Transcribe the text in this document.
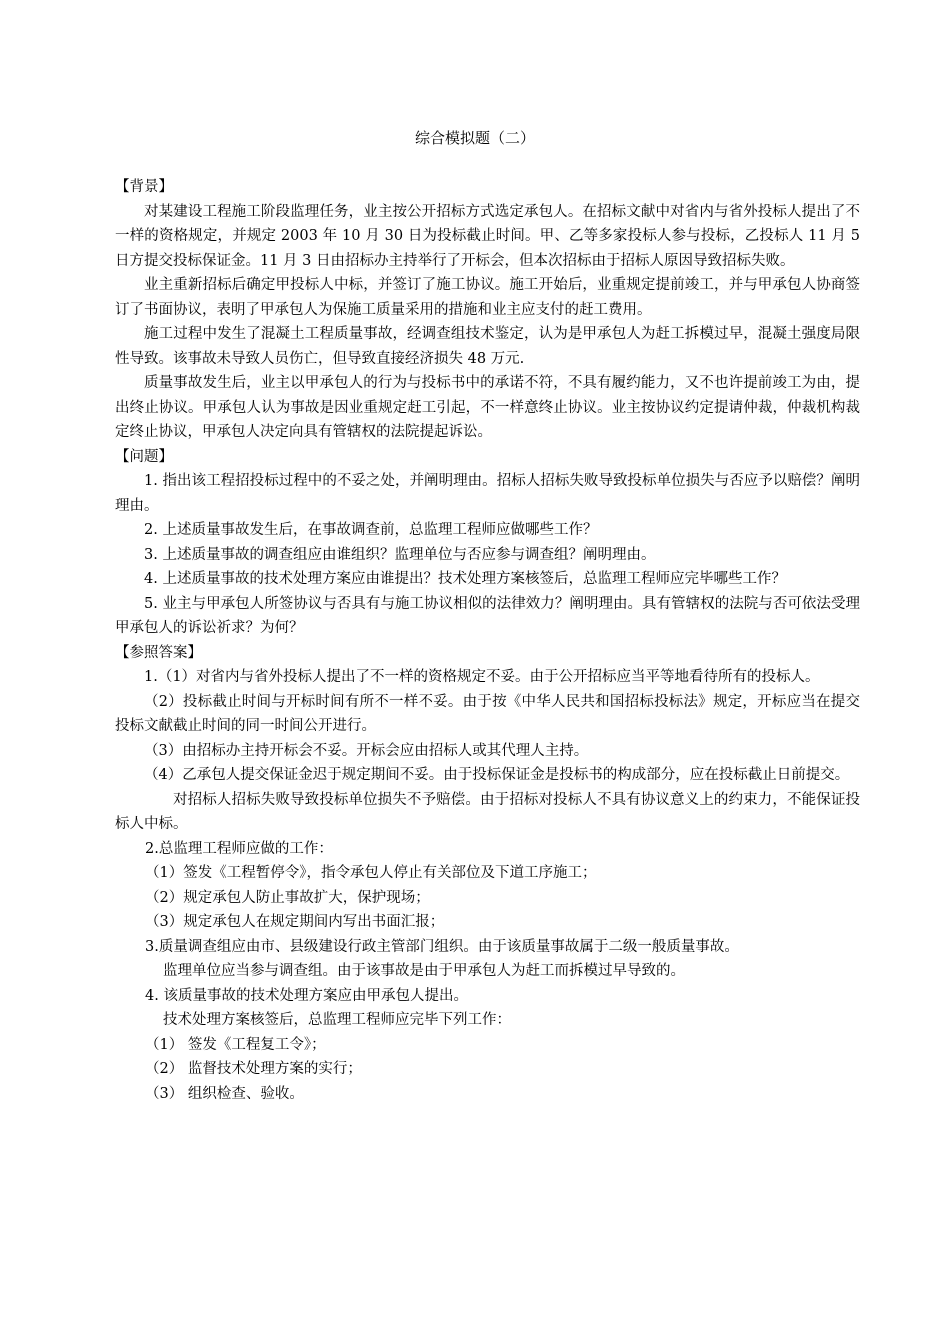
综合模拟题（二）

【背景】

对某建设工程施工阶段监理任务，业主按公开招标方式选定承包人。在招标文献中对省内与省外投标人提出了不一样的资格规定，并规定 2003 年 10 月 30 日为投标截止时间。甲、乙等多家投标人参与投标，乙投标人 11 月 5 日方提交投标保证金。11 月 3 日由招标办主持举行了开标会，但本次招标由于招标人原因导致招标失败。

业主重新招标后确定甲投标人中标，并签订了施工协议。施工开始后，业重规定提前竣工，并与甲承包人协商签订了书面协议，表明了甲承包人为保施工质量采用的措施和业主应支付的赶工费用。

施工过程中发生了混凝土工程质量事故，经调查组技术鉴定，认为是甲承包人为赶工拆模过早，混凝土强度局限性导致。该事故未导致人员伤亡，但导致直接经济损失 48 万元.

质量事故发生后，业主以甲承包人的行为与投标书中的承诺不符，不具有履约能力，又不也许提前竣工为由，提出终止协议。甲承包人认为事故是因业重规定赶工引起，不一样意终止协议。业主按协议约定提请仲裁，仲裁机构裁定终止协议，甲承包人决定向具有管辖权的法院提起诉讼。

【问题】

1. 指出该工程招投标过程中的不妥之处，并阐明理由。招标人招标失败导致投标单位损失与否应予以赔偿？阐明理由。

2. 上述质量事故发生后，在事故调查前，总监理工程师应做哪些工作？

3. 上述质量事故的调查组应由谁组织？监理单位与否应参与调查组？阐明理由。

4. 上述质量事故的技术处理方案应由谁提出？技术处理方案核签后，总监理工程师应完毕哪些工作？

5. 业主与甲承包人所签协议与否具有与施工协议相似的法律效力？阐明理由。具有管辖权的法院与否可依法受理甲承包人的诉讼祈求？为何？

【参照答案】

1.（1）对省内与省外投标人提出了不一样的资格规定不妥。由于公开招标应当平等地看待所有的投标人。

（2）投标截止时间与开标时间有所不一样不妥。由于按《中华人民共和国招标投标法》规定，开标应当在提交投标文献截止时间的同一时间公开进行。

（3）由招标办主持开标会不妥。开标会应由招标人或其代理人主持。

（4）乙承包人提交保证金迟于规定期间不妥。由于投标保证金是投标书的构成部分，应在投标截止日前提交。

对招标人招标失败导致投标单位损失不予赔偿。由于招标对投标人不具有协议意义上的约束力，不能保证投标人中标。

2.总监理工程师应做的工作：

（1）签发《工程暂停令》，指令承包人停止有关部位及下道工序施工；

（2）规定承包人防止事故扩大，保护现场；

（3）规定承包人在规定期间内写出书面汇报；

3.质量调查组应由市、县级建设行政主管部门组织。由于该质量事故属于二级一般质量事故。

监理单位应当参与调查组。由于该事故是由于甲承包人为赶工而拆模过早导致的。

4. 该质量事故的技术处理方案应由甲承包人提出。

技术处理方案核签后，总监理工程师应完毕下列工作：

（1） 签发《工程复工令》；

（2） 监督技术处理方案的实行；

（3） 组织检查、验收。
